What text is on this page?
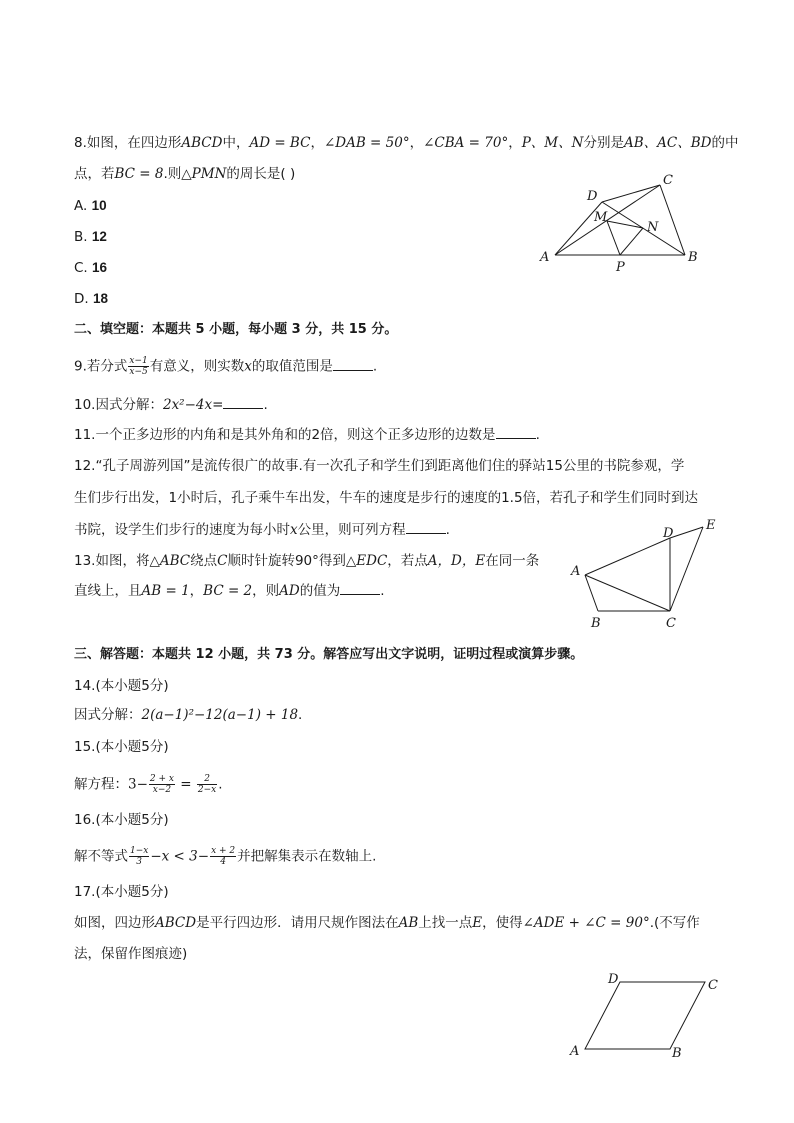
8.如图，在四边形ABCD中，AD = BC，∠DAB = 50°，∠CBA = 70°，P、M、N分别是AB、AC、BD的中
点，若BC = 8.则△PMN的周长是( )
A. 10
B. 12
C. 16
D. 18
A	B
C
D
M
N
P
二、填空题：本题共 5 小题，每小题 3 分，共 15 分。
9.若分式 $\frac{x-1}{x-5}$ 有意义，则实数x的取值范围是	.
10.因式分解：2x²−4x=	.
11.一个正多边形的内角和是其外角和的2倍，则这个正多边形的边数是	.
12.“孔子周游列国”是流传很广的故事.有一次孔子和学生们到距离他们住的驿站15公里的书院参观，学
生们步行出发，1小时后，孔子乘牛车出发，牛车的速度是步行的速度的1.5倍，若孔子和学生们同时到达
书院，设学生们步行的速度为每小时x公里，则可列方程	.
13.如图，将△ABC绕点C顺时针旋转90°得到△EDC，若点A，D，E在同一条
直线上，且AB = 1，BC = 2，则AD的值为	.
A
B	C
D
E
三、解答题：本题共 12 小题，共 73 分。解答应写出文字说明，证明过程或演算步骤。
14.(本小题5分)
因式分解：2(a−1)²−12(a−1) + 18.
15.(本小题5分)
解方程：$3- \frac{2 + x}{x-2} = \frac{2}{2-x}$ .
16.(本小题5分)
解不等式 $\frac{1-x}{3} -x < 3- \frac{x + 2}{4}$ 并把解集表示在数轴上.
17.(本小题5分)
如图，四边形ABCD是平行四边形．请用尺规作图法在AB上找一点E，使得∠ADE + ∠C = 90°.(不写作
法，保留作图痕迹)
A	B
C
D
